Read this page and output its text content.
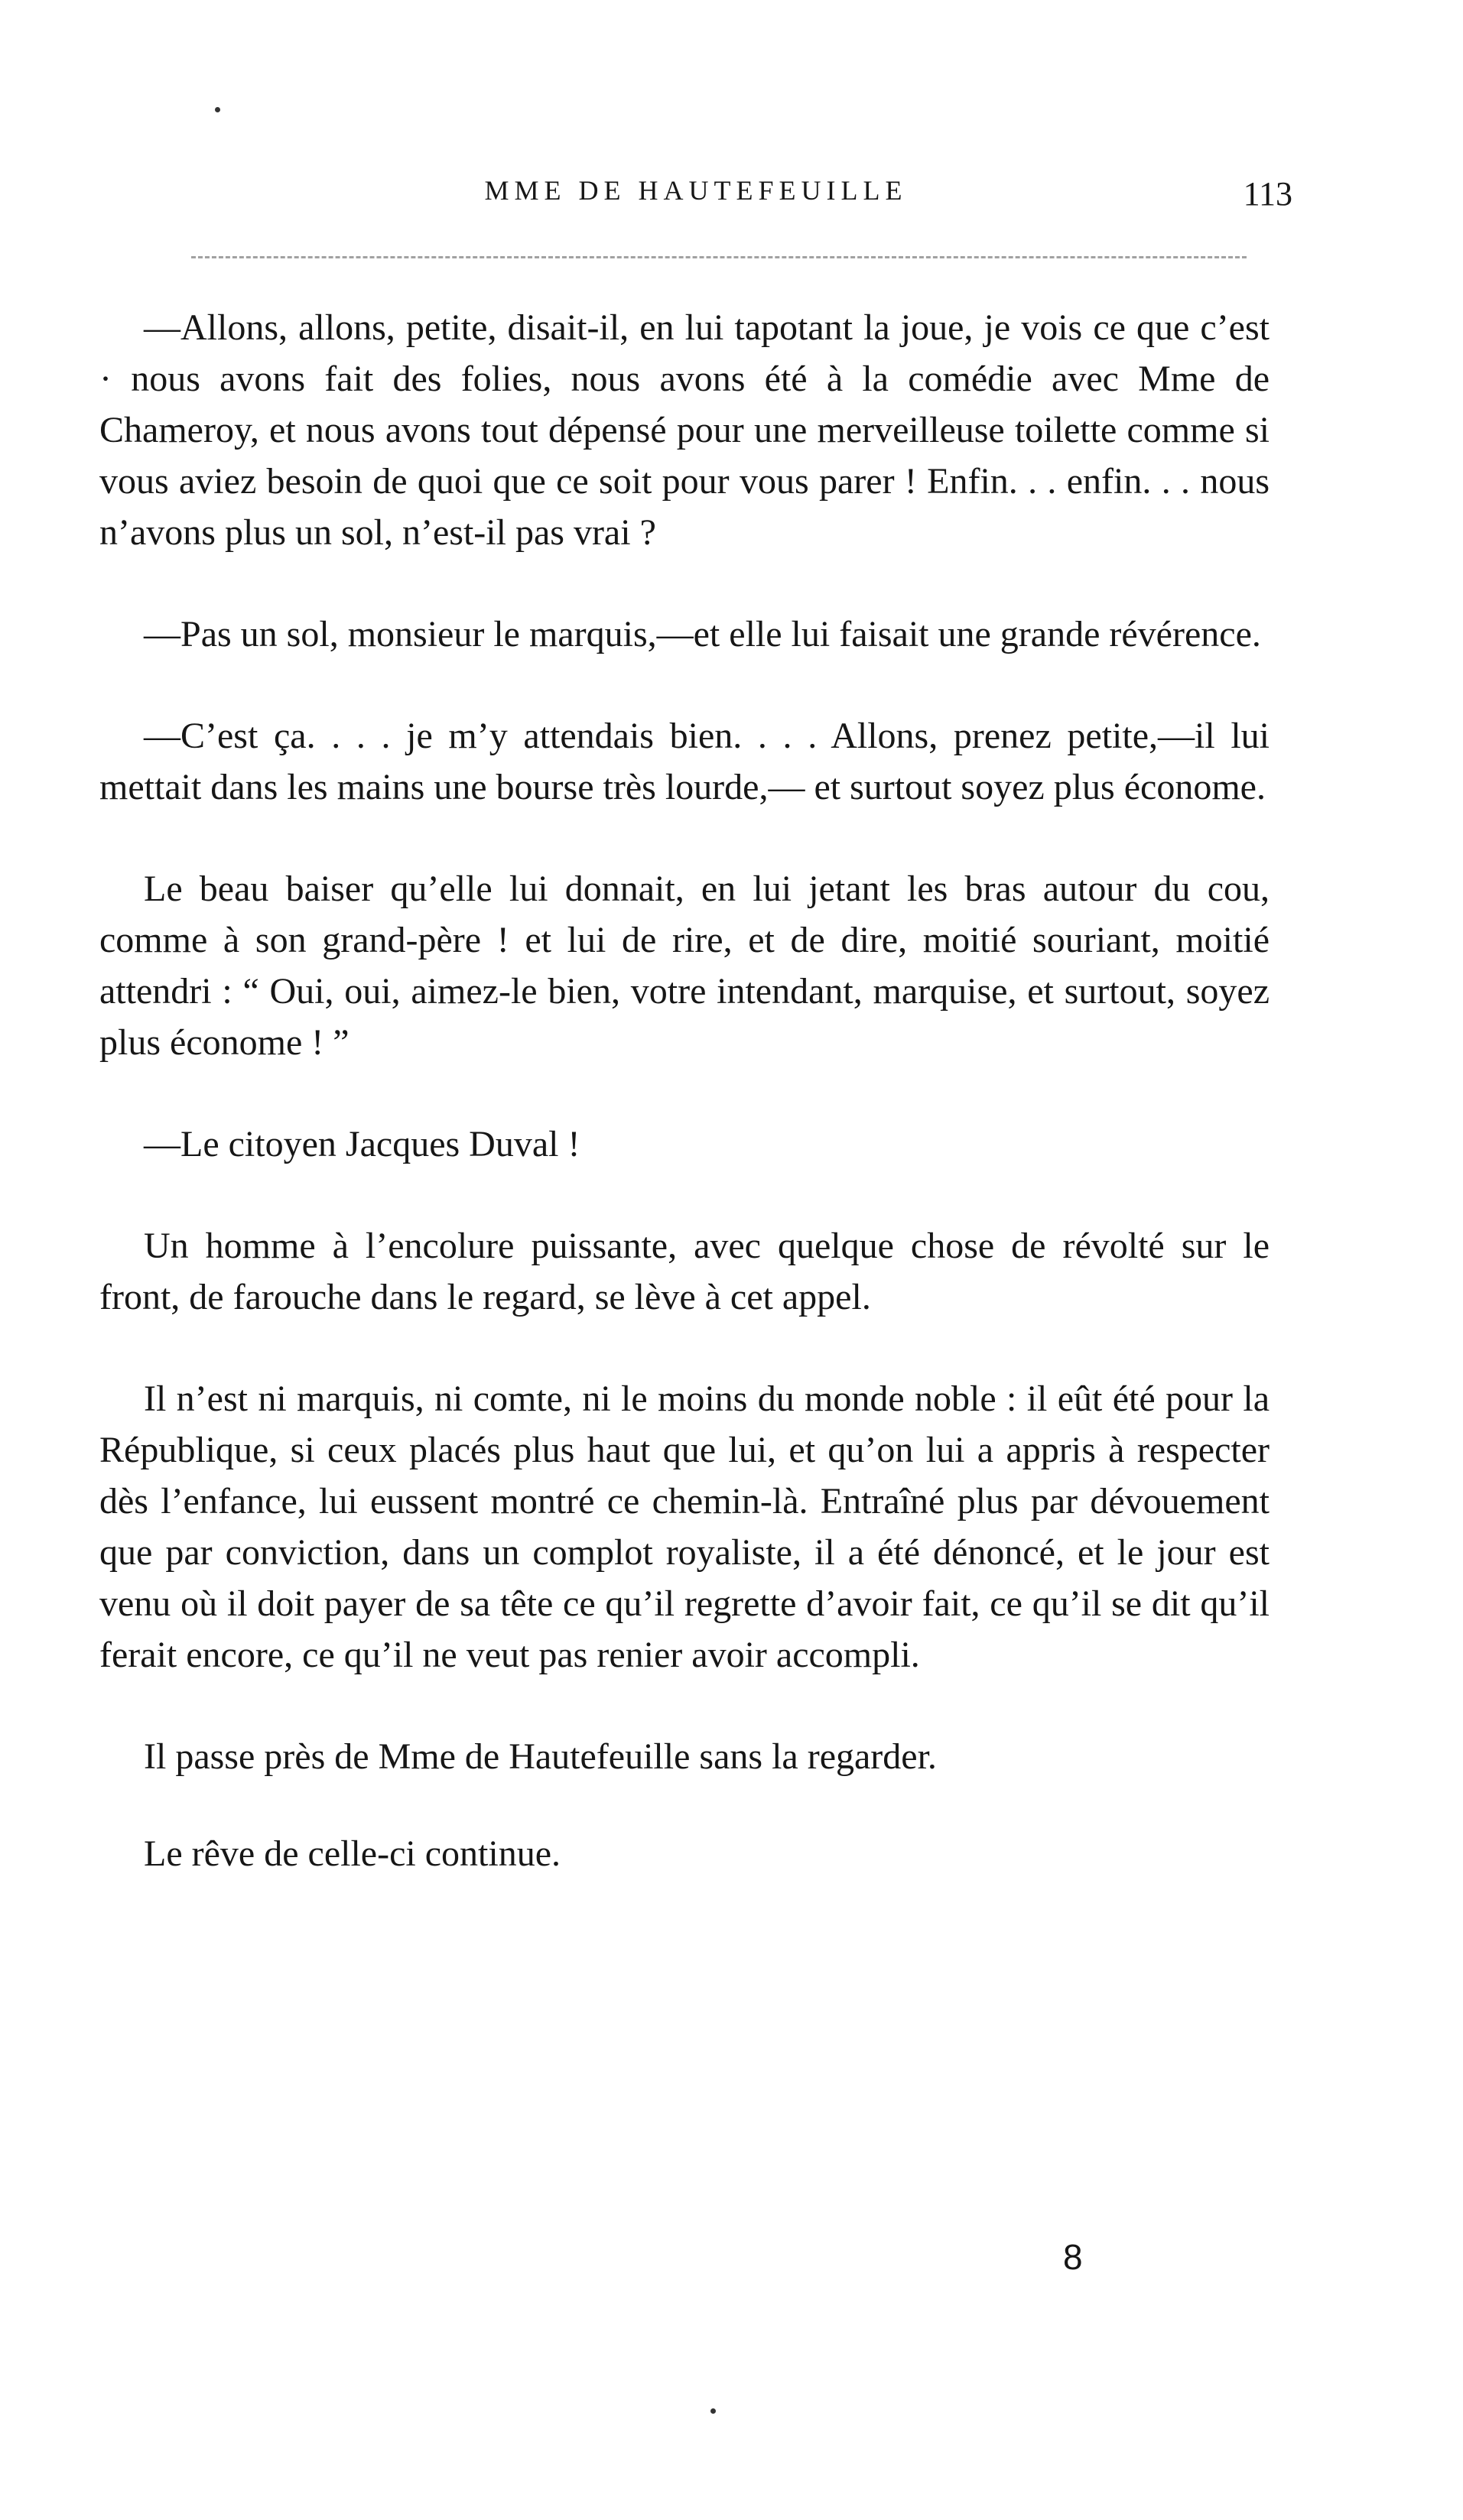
MME DE HAUTEFEUILLE	113

—Allons, allons, petite, disait-il, en lui tapotant la joue, je vois ce que c’est · nous avons fait des folies, nous avons été à la comédie avec Mme de Chameroy, et nous avons tout dépensé pour une merveilleuse toilette comme si vous aviez besoin de quoi que ce soit pour vous parer ! Enfin. . . enfin. . . nous n’avons plus un sol, n’est-il pas vrai ?

—Pas un sol, monsieur le marquis,—et elle lui faisait une grande révérence.

—C’est ça. . . . je m’y attendais bien. . . . Allons, prenez petite,—il lui mettait dans les mains une bourse très lourde,— et surtout soyez plus économe.

Le beau baiser qu’elle lui donnait, en lui jetant les bras autour du cou, comme à son grand-père ! et lui de rire, et de dire, moitié souriant, moitié attendri : “ Oui, oui, aimez-le bien, votre intendant, marquise, et surtout, soyez plus économe ! ”

—Le citoyen Jacques Duval !

Un homme à l’encolure puissante, avec quelque chose de révolté sur le front, de farouche dans le regard, se lève à cet appel.

Il n’est ni marquis, ni comte, ni le moins du monde noble : il eût été pour la République, si ceux placés plus haut que lui, et qu’on lui a appris à respecter dès l’enfance, lui eussent montré ce chemin-là. Entraîné plus par dévouement que par conviction, dans un complot royaliste, il a été dénoncé, et le jour est venu où il doit payer de sa tête ce qu’il regrette d’avoir fait, ce qu’il se dit qu’il ferait encore, ce qu’il ne veut pas renier avoir accompli.

Il passe près de Mme de Hautefeuille sans la regarder.

Le rêve de celle-ci continue.

8
